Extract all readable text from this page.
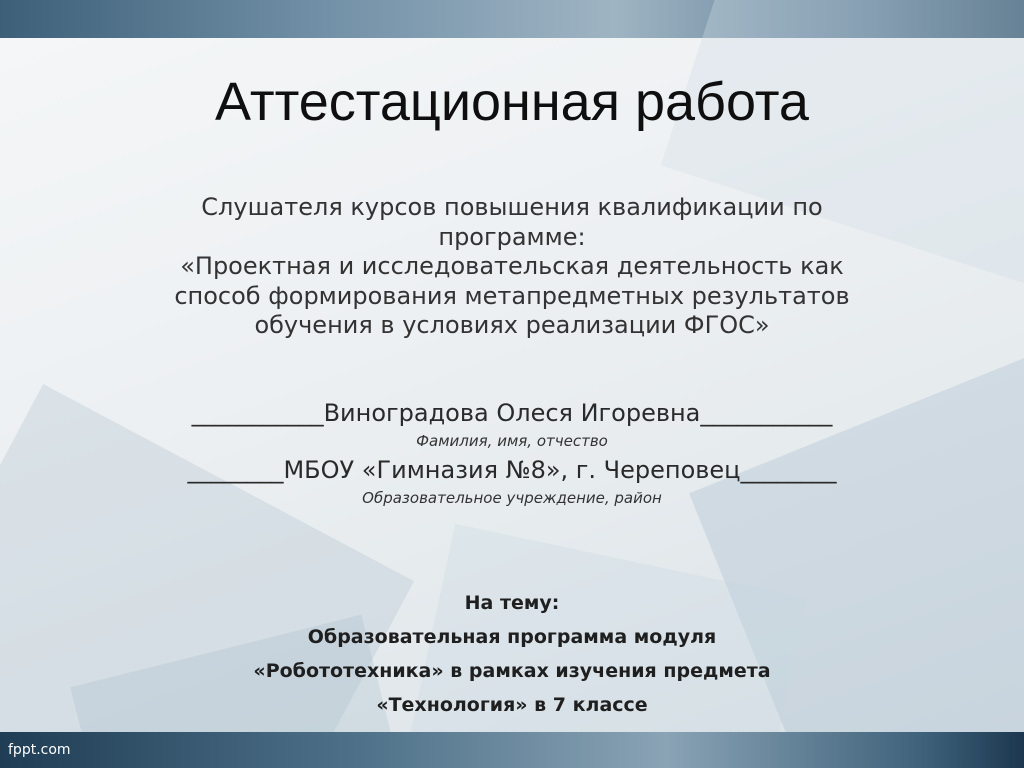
Аттестационная работа
Слушателя курсов повышения квалификации по
программе:
«Проектная и исследовательская деятельность как
способ формирования метапредметных результатов
обучения в условиях реализации ФГОС»
___________Виноградова Олеся Игоревна___________
Фамилия, имя, отчество
________МБОУ «Гимназия №8», г. Череповец________
Образовательное учреждение, район
На тему:
Образовательная программа модуля
«Робототехника» в рамках изучения предмета
«Технология» в 7 классе
fppt.com
